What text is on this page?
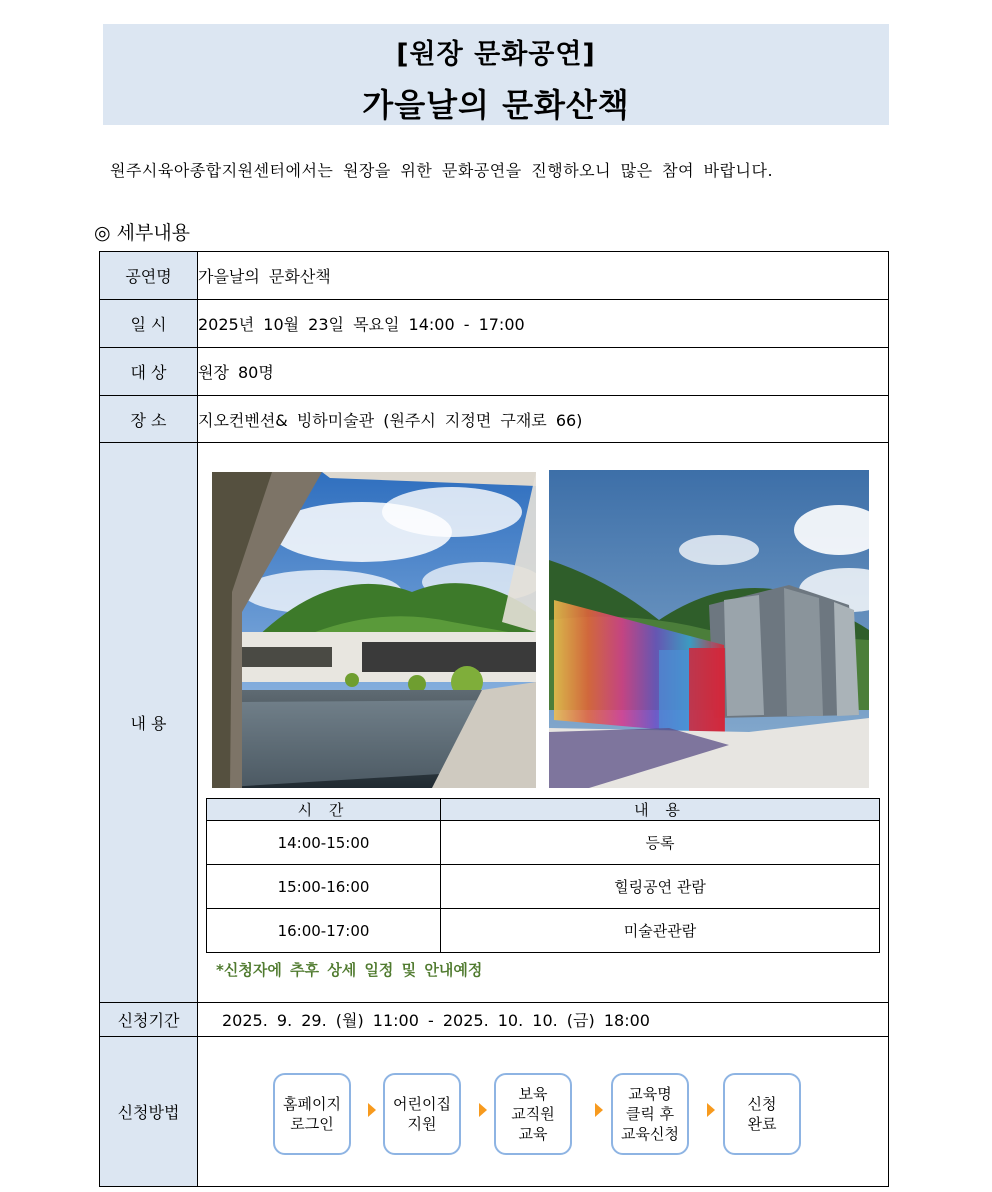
[원장 문화공연]
가을날의 문화산책
원주시육아종합지원센터에서는 원장을 위한 문화공연을 진행하오니 많은 참여 바랍니다.
◎ 세부내용
공연명	가을날의 문화산책
일 시	2025년 10월 23일 목요일 14:00 - 17:00
대 상	원장 80명
장 소	지오컨벤션& 빙하미술관 (원주시 지정면 구재로 66)
내 용	
시 간	내 용
14:00-15:00	등록
15:00-16:00	힐링공연 관람
16:00-17:00	미술관관람
*신청자에 추후 상세 일정 및 안내예정

신청기간	2025. 9. 29. (월) 11:00 - 2025. 10. 10. (금) 18:00
신청방법	홈페이지
로그인
어린이집
지원
보육
교직원
교육
교육명
클릭 후
교육신청
신청
완료
